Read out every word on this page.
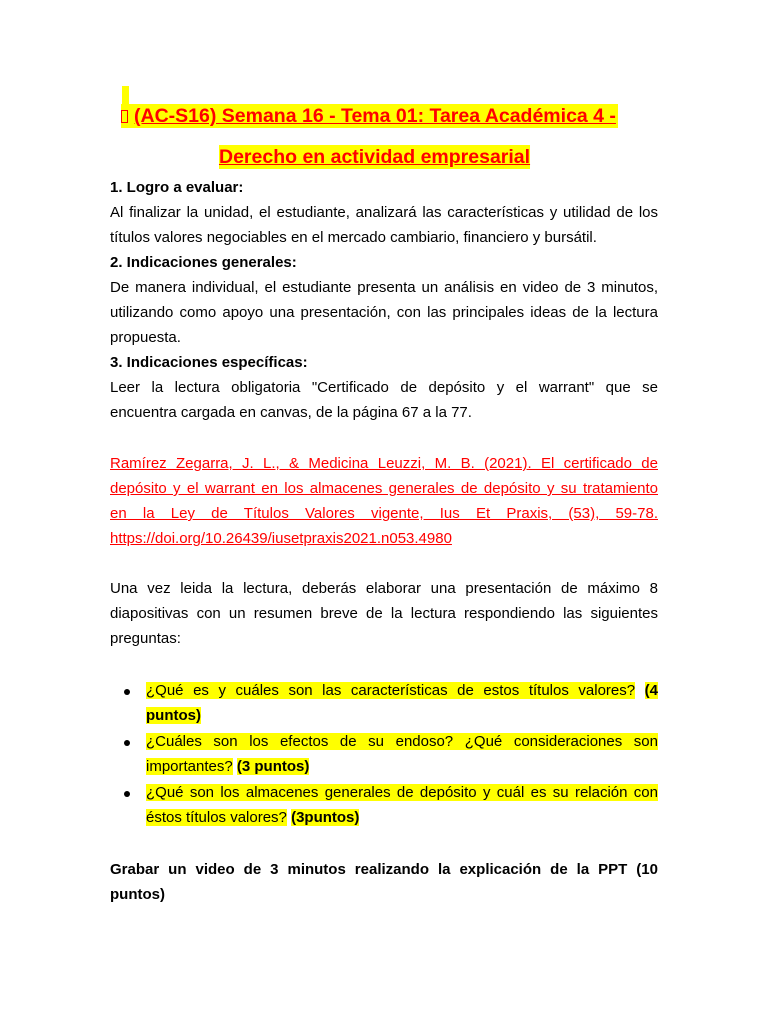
(AC-S16) Semana 16 - Tema 01: Tarea Académica 4 -
Derecho en actividad empresarial
1. Logro a evaluar:
Al finalizar la unidad, el estudiante, analizará las características y utilidad de los
títulos valores negociables en el mercado cambiario, financiero y bursátil.
2. Indicaciones generales:
De manera individual, el estudiante presenta un análisis en video de 3 minutos,
utilizando como apoyo una presentación, con las principales ideas de la lectura
propuesta.
3. Indicaciones específicas:
Leer la lectura obligatoria "Certificado de depósito y el warrant" que se
encuentra cargada en canvas, de la página 67 a la 77.
Ramírez Zegarra, J. L., & Medicina Leuzzi, M. B. (2021). El certificado de
depósito y el warrant en los almacenes generales de depósito y su tratamiento
en la Ley de Títulos Valores vigente, Ius Et Praxis, (53), 59-78.
https://doi.org/10.26439/iusetpraxis2021.n053.4980
Una vez leida la lectura, deberás elaborar una presentación de máximo 8
diapositivas con un resumen breve de la lectura respondiendo las siguientes
preguntas:
¿Qué es y cuáles son las características de estos títulos valores? (4
puntos)
¿Cuáles son los efectos de su endoso? ¿Qué consideraciones son
importantes? (3 puntos)
¿Qué son los almacenes generales de depósito y cuál es su relación con
éstos títulos valores? (3puntos)
Grabar un video de 3 minutos realizando la explicación de la PPT (10
puntos)
